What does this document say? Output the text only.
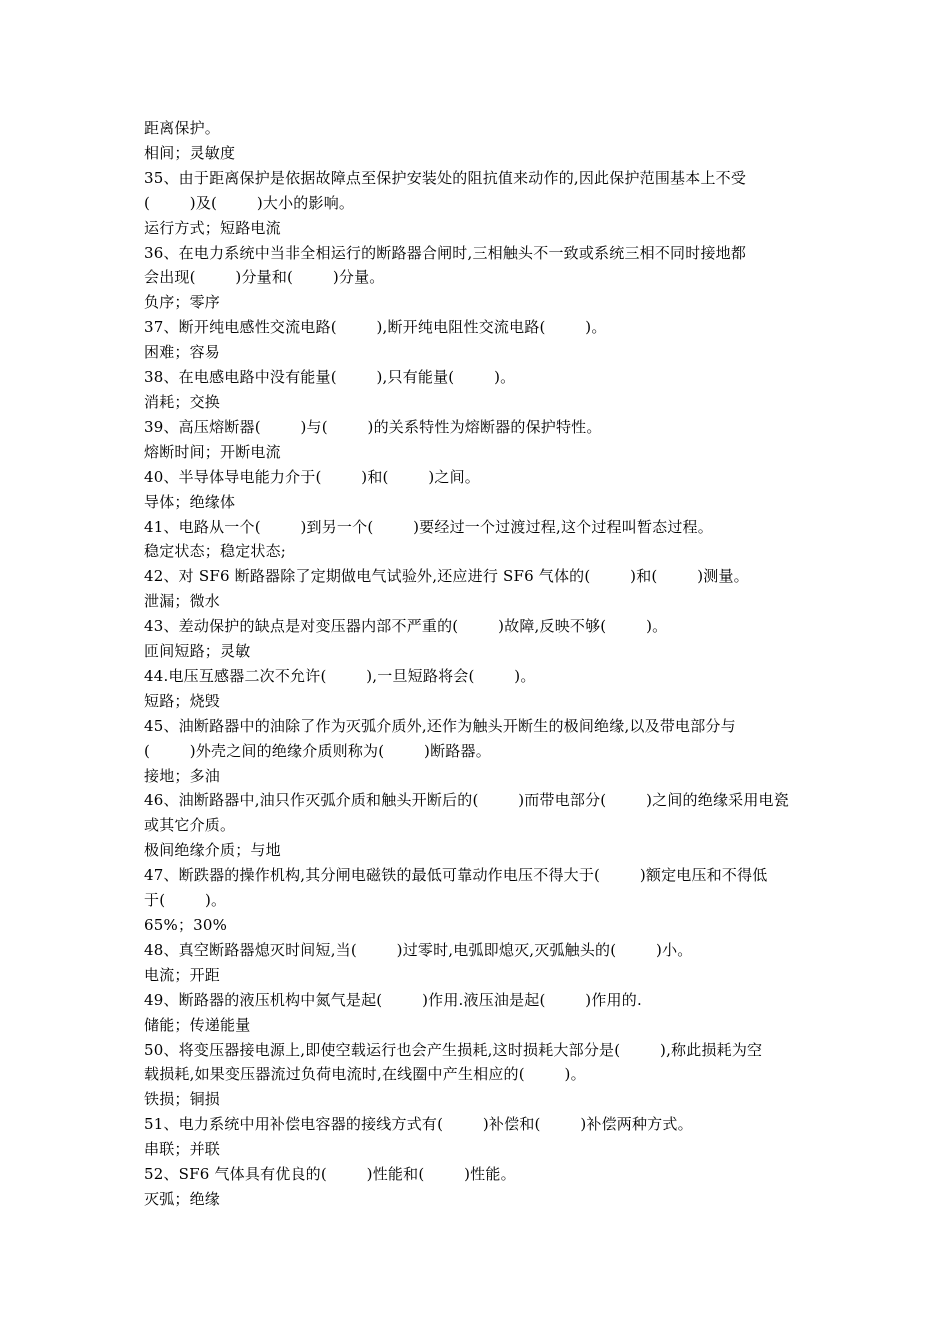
距离保护。
相间；灵敏度
35、由于距离保护是依据故障点至保护安装处的阻抗值来动作的,因此保护范围基本上不受
(        )及(        )大小的影响。
运行方式；短路电流
36、在电力系统中当非全相运行的断路器合闸时,三相触头不一致或系统三相不同时接地都
会出现(        )分量和(        )分量。
负序；零序
37、断开纯电感性交流电路(        ),断开纯电阻性交流电路(        )。
困难；容易
38、在电感电路中没有能量(        ),只有能量(        )。
消耗；交换
39、高压熔断器(        )与(        )的关系特性为熔断器的保护特性。
熔断时间；开断电流
40、半导体导电能力介于(        )和(        )之间。
导体；绝缘体
41、电路从一个(        )到另一个(        )要经过一个过渡过程,这个过程叫暂态过程。
稳定状态；稳定状态;
42、对 SF6 断路器除了定期做电气试验外,还应进行 SF6 气体的(        )和(        )测量。
泄漏；微水
43、差动保护的缺点是对变压器内部不严重的(        )故障,反映不够(        )。
匝间短路；灵敏
44.电压互感器二次不允许(        ),一旦短路将会(        )。
短路；烧毁
45、油断路器中的油除了作为灭弧介质外,还作为触头开断生的极间绝缘,以及带电部分与
(        )外壳之间的绝缘介质则称为(        )断路器。
接地；多油
46、油断路器中,油只作灭弧介质和触头开断后的(        )而带电部分(        )之间的绝缘采用电瓷
或其它介质。
极间绝缘介质；与地
47、断跌器的操作机构,其分闸电磁铁的最低可靠动作电压不得大于(        )额定电压和不得低
于(        )。
65%；30%
48、真空断路器熄灭时间短,当(        )过零时,电弧即熄灭,灭弧触头的(        )小。
电流；开距
49、断路器的液压机构中氮气是起(        )作用.液压油是起(        )作用的.
储能；传递能量
50、将变压器接电源上,即使空载运行也会产生损耗,这时损耗大部分是(        ),称此损耗为空
载损耗,如果变压器流过负荷电流时,在线圈中产生相应的(        )。
铁损；铜损
51、电力系统中用补偿电容器的接线方式有(        )补偿和(        )补偿两种方式。
串联；并联
52、SF6 气体具有优良的(        )性能和(        )性能。
灭弧；绝缘
